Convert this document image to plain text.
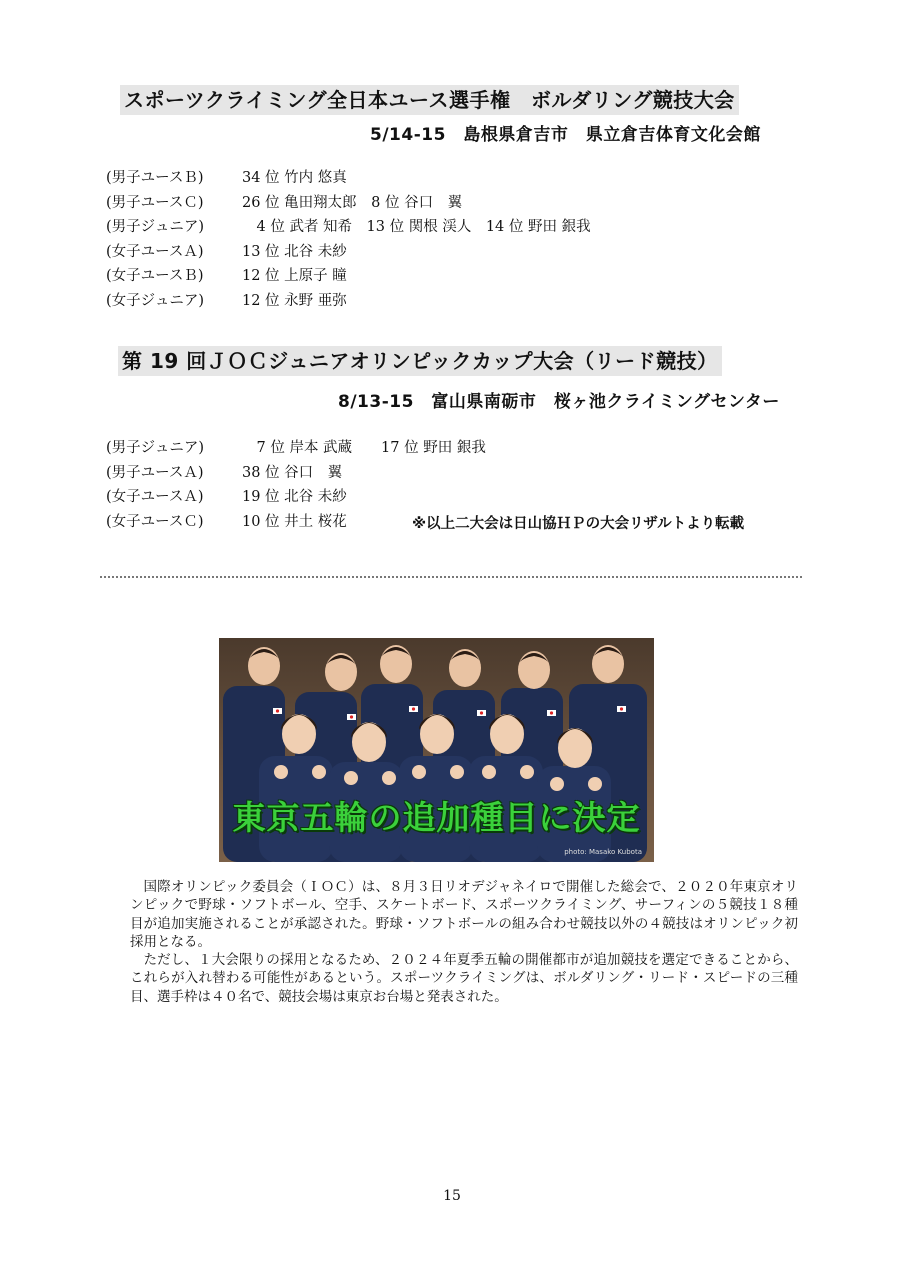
スポーツクライミング全日本ユース選手権　ボルダリング競技大会
5/14-15　島根県倉吉市　県立倉吉体育文化会館
(男子ユースＢ)	34 位 竹内 悠真
(男子ユースＣ)	26 位 亀田翔太郎　8 位 谷口　翼
(男子ジュニア)	　4 位 武者 知希　13 位 関根 渓人　14 位 野田 銀我
(女子ユースＡ)	13 位 北谷 未紗
(女子ユースＢ)	12 位 上原子 瞳
(女子ジュニア)	12 位 永野 亜弥
第 19 回ＪＯＣジュニアオリンピックカップ大会（リード競技）
8/13-15　富山県南砺市　桜ヶ池クライミングセンター
(男子ジュニア)	　7 位 岸本 武蔵　　17 位 野田 銀我
(男子ユースＡ)	38 位 谷口　翼
(女子ユースＡ)	19 位 北谷 未紗
(女子ユースＣ)	10 位 井土 桜花	※以上二大会は日山協ＨＰの大会リザルトより転載
東京五輪の追加種目に決定
photo: Masako Kubota

国際オリンピック委員会（ＩＯＣ）は、８月３日リオデジャネイロで開催した総会で、２０２０年東京オリンピックで野球・ソフトボール、空手、スケートボード、スポーツクライミング、サーフィンの５競技１８種目が追加実施されることが承認された。野球・ソフトボールの組み合わせ競技以外の４競技はオリンピック初採用となる。

ただし、１大会限りの採用となるため、２０２４年夏季五輪の開催都市が追加競技を選定できることから、これらが入れ替わる可能性があるという。スポーツクライミングは、ボルダリング・リード・スピードの三種目、選手枠は４０名で、競技会場は東京お台場と発表された。

15
